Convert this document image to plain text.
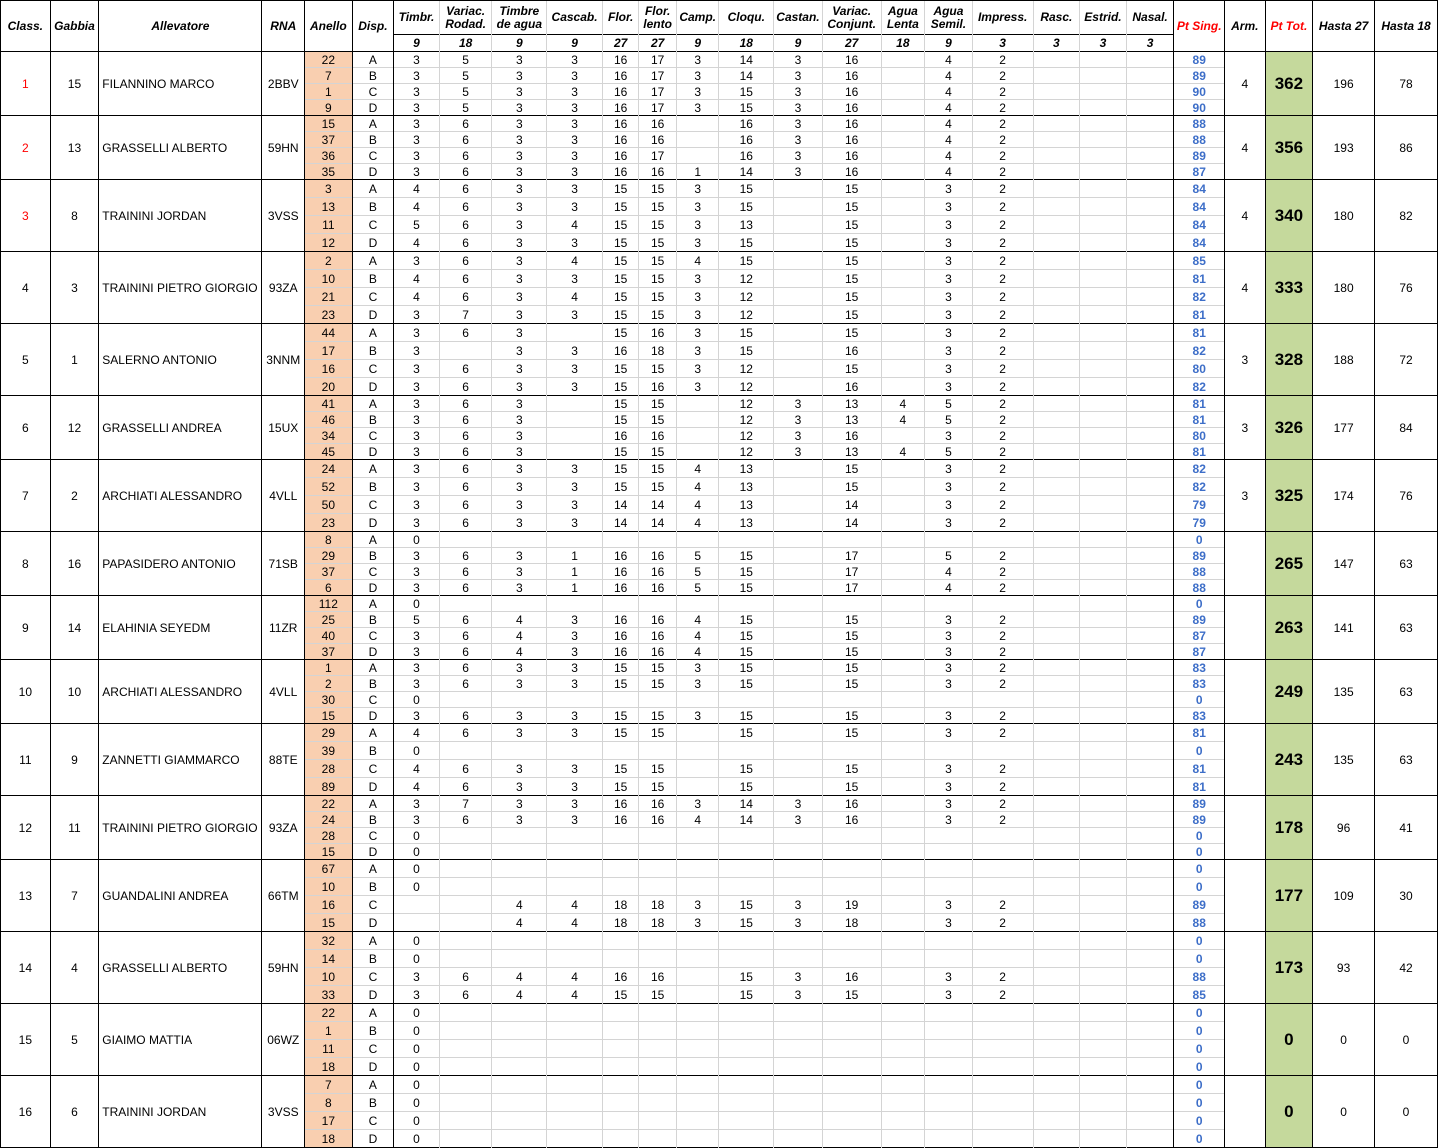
Class.	Gabbia	Allevatore	RNA	Anello	Disp.	Timbr.	Variac. Rodad.	Timbre de agua	Cascab.	Flor.	Flor. lento	Camp.	Cloqu.	Castan.	Variac. Conjunt.	Agua Lenta	Agua Semil.	Impress.	Rasc.	Estrid.	Nasal.	Pt Sing.	Arm.	Pt Tot.	Hasta 27	Hasta 18
						9	18	9	9	27	27	9	18	9	27	18	9	3	3	3	3					
1	15	FILANNINO MARCO	2BBV	22	A	3	5	3	3	16	17	3	14	3	16		4	2				89	4	362	196	78
				7	B	3	5	3	3	16	17	3	14	3	16		4	2				89				
				1	C	3	5	3	3	16	17	3	15	3	16		4	2				90				
				9	D	3	5	3	3	16	17	3	15	3	16		4	2				90				
2	13	GRASSELLI ALBERTO	59HN	15	A	3	6	3	3	16	16		16	3	16		4	2				88	4	356	193	86
				37	B	3	6	3	3	16	16		16	3	16		4	2				88				
				36	C	3	6	3	3	16	17		16	3	16		4	2				89				
				35	D	3	6	3	3	16	16	1	14	3	16		4	2				87				
3	8	TRAININI JORDAN	3VSS	3	A	4	6	3	3	15	15	3	15		15		3	2				84	4	340	180	82
				13	B	4	6	3	3	15	15	3	15		15		3	2				84				
				11	C	5	6	3	4	15	15	3	13		15		3	2				84				
				12	D	4	6	3	3	15	15	3	15		15		3	2				84				
4	3	TRAININI PIETRO GIORGIO	93ZA	2	A	3	6	3	4	15	15	4	15		15		3	2				85	4	333	180	76
				10	B	4	6	3	3	15	15	3	12		15		3	2				81				
				21	C	4	6	3	4	15	15	3	12		15		3	2				82				
				23	D	3	7	3	3	15	15	3	12		15		3	2				81				
5	1	SALERNO ANTONIO	3NNM	44	A	3	6	3		15	16	3	15		15		3	2				81	3	328	188	72
				17	B	3		3	3	16	18	3	15		16		3	2				82				
				16	C	3	6	3	3	15	15	3	12		15		3	2				80				
				20	D	3	6	3	3	15	16	3	12		16		3	2				82				
6	12	GRASSELLI ANDREA	15UX	41	A	3	6	3		15	15		12	3	13	4	5	2				81	3	326	177	84
				46	B	3	6	3		15	15		12	3	13	4	5	2				81				
				34	C	3	6	3		16	16		12	3	16		3	2				80				
				45	D	3	6	3		15	15		12	3	13	4	5	2				81				
7	2	ARCHIATI ALESSANDRO	4VLL	24	A	3	6	3	3	15	15	4	13		15		3	2				82	3	325	174	76
				52	B	3	6	3	3	15	15	4	13		15		3	2				82				
				50	C	3	6	3	3	14	14	4	13		14		3	2				79				
				23	D	3	6	3	3	14	14	4	13		14		3	2				79				
8	16	PAPASIDERO ANTONIO	71SB	8	A	0																0		265	147	63
				29	B	3	6	3	1	16	16	5	15		17		5	2				89				
				37	C	3	6	3	1	16	16	5	15		17		4	2				88				
				6	D	3	6	3	1	16	16	5	15		17		4	2				88				
9	14	ELAHINIA SEYEDM	11ZR	112	A	0																0		263	141	63
				25	B	5	6	4	3	16	16	4	15		15		3	2				89				
				40	C	3	6	4	3	16	16	4	15		15		3	2				87				
				37	D	3	6	4	3	16	16	4	15		15		3	2				87				
10	10	ARCHIATI ALESSANDRO	4VLL	1	A	3	6	3	3	15	15	3	15		15		3	2				83		249	135	63
				2	B	3	6	3	3	15	15	3	15		15		3	2				83				
				30	C	0																0				
				15	D	3	6	3	3	15	15	3	15		15		3	2				83				
11	9	ZANNETTI GIAMMARCO	88TE	29	A	4	6	3	3	15	15		15		15		3	2				81		243	135	63
				39	B	0																0				
				28	C	4	6	3	3	15	15		15		15		3	2				81				
				89	D	4	6	3	3	15	15		15		15		3	2				81				
12	11	TRAININI PIETRO GIORGIO	93ZA	22	A	3	7	3	3	16	16	3	14	3	16		3	2				89		178	96	41
				24	B	3	6	3	3	16	16	4	14	3	16		3	2				89				
				28	C	0																0				
				15	D	0																0				
13	7	GUANDALINI ANDREA	66TM	67	A	0																0		177	109	30
				10	B	0																0				
				16	C			4	4	18	18	3	15	3	19		3	2				89				
				15	D			4	4	18	18	3	15	3	18		3	2				88				
14	4	GRASSELLI ALBERTO	59HN	32	A	0																0		173	93	42
				14	B	0																0				
				10	C	3	6	4	4	16	16		15	3	16		3	2				88				
				33	D	3	6	4	4	15	15		15	3	15		3	2				85				
15	5	GIAIMO MATTIA	06WZ	22	A	0																0		0	0	0
				1	B	0																0				
				11	C	0																0				
				18	D	0																0				
16	6	TRAININI JORDAN	3VSS	7	A	0																0		0	0	0
				8	B	0																0				
				17	C	0																0				
				18	D	0																0				
